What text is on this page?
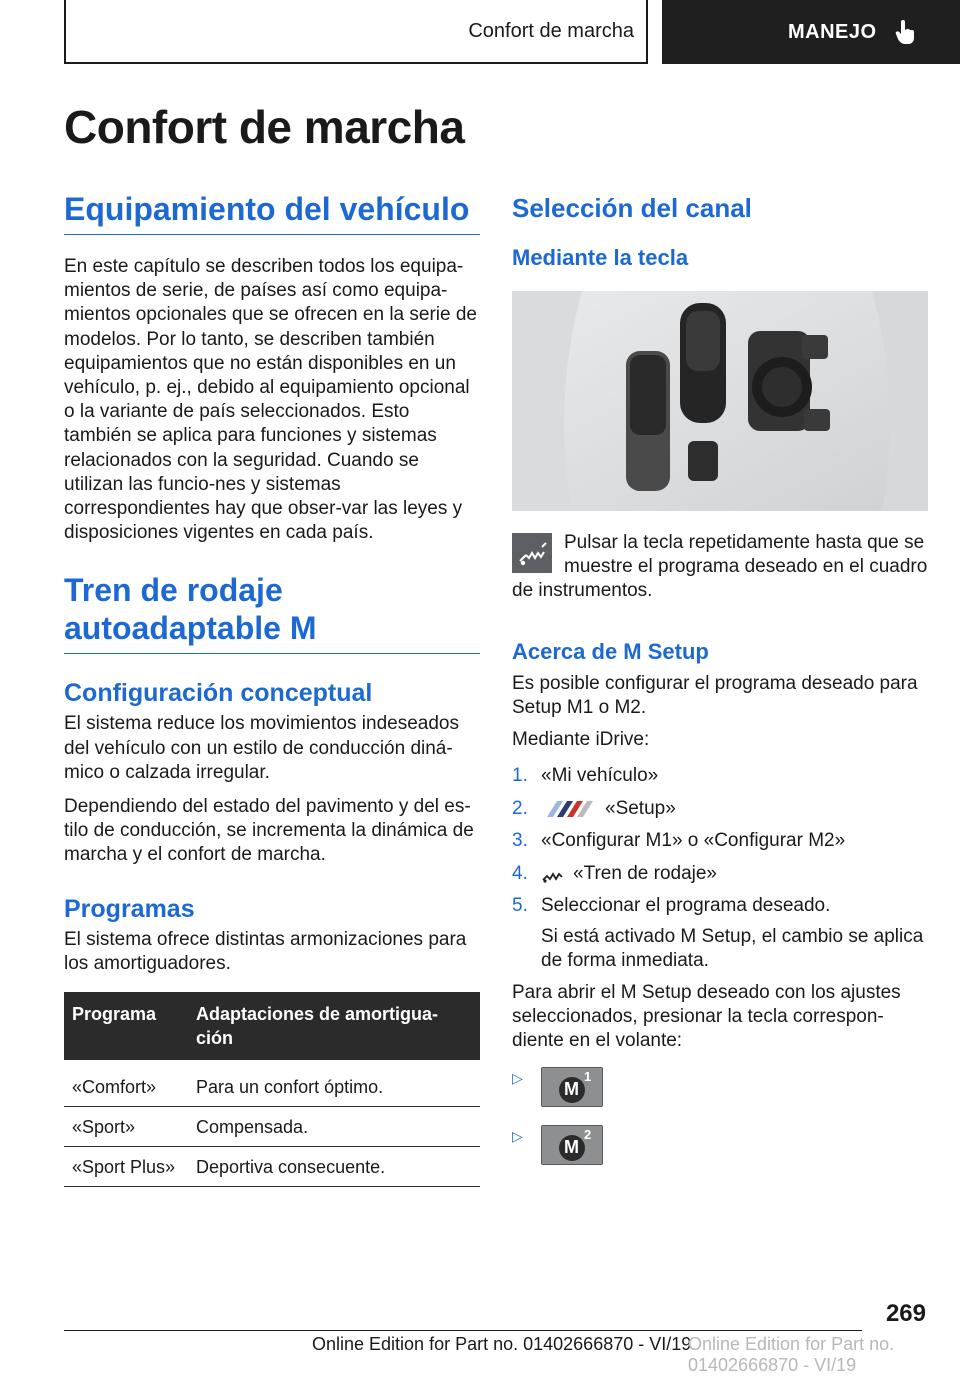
Confort de marcha	MANEJO
Confort de marcha
Equipamiento del vehículo

En este capítulo se describen todos los equipa‐mientos de serie, de países así como equipa‐mientos opcionales que se ofrecen en la serie de modelos. Por lo tanto, se describen también equipamientos que no están disponibles en un vehículo, p. ej., debido al equipamiento opcional o la variante de país seleccionados. Esto también se aplica para funciones y sistemas relacionados con la seguridad. Cuando se utilizan las funcio‐nes y sistemas correspondientes hay que obser‐var las leyes y disposiciones vigentes en cada país.

Tren de rodaje autoadaptable M
Configuración conceptual

El sistema reduce los movimientos indeseados del vehículo con un estilo de conducción diná‐mico o calzada irregular.

Dependiendo del estado del pavimento y del es‐tilo de conducción, se incrementa la dinámica de marcha y el confort de marcha.

Programas

El sistema ofrece distintas armonizaciones para los amortiguadores.

Programa	Adaptaciones de amortigua‐ción
«Comfort»	Para un confort óptimo.
«Sport»	Compensada.
«Sport Plus»	Deportiva consecuente.
Selección del canal
Mediante la tecla

Pulsar la tecla repetidamente hasta que se

muestre el programa deseado en el cuadro

de instrumentos.

Acerca de M Setup

Es posible configurar el programa deseado para Setup M1 o M2.

Mediante iDrive:

1. «Mi vehículo»
2.	«Setup»
3. «Configurar M1» o «Configurar M2»
4.	«Tren de rodaje»
5. Seleccionar el programa deseado.
Si está activado M Setup, el cambio se aplica de forma inmediata.

Para abrir el M Setup deseado con los ajustes seleccionados, presionar la tecla correspon‐diente en el volante:

▷
M
1
▷
M
2
269
Online Edition for Part no. 01402666870 - VI/19
Online Edition for Part no. 01402666870 - VI/19
